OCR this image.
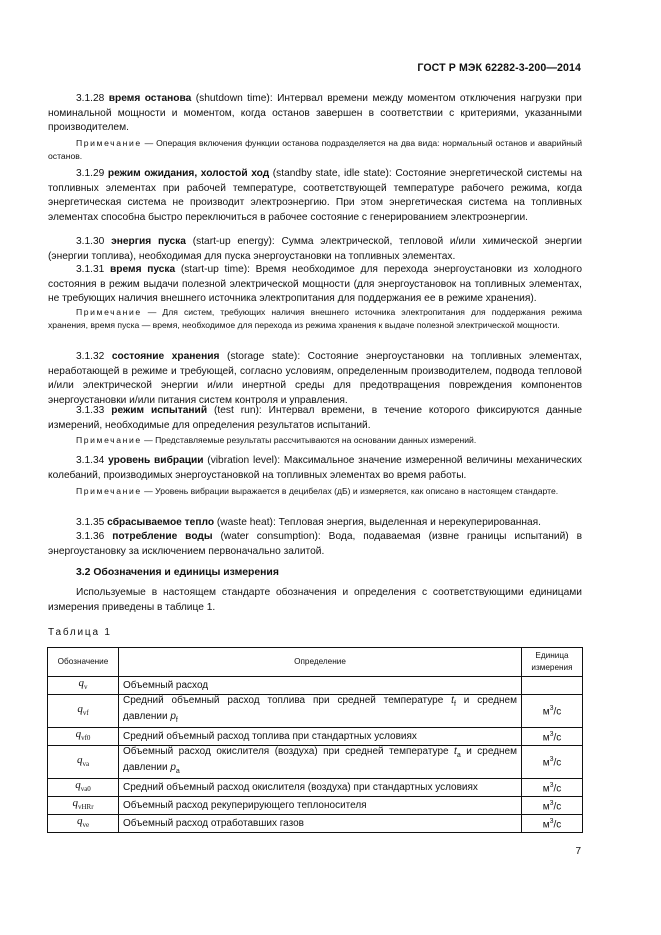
ГОСТ Р МЭК 62282-3-200—2014
3.1.28 время останова (shutdown time): Интервал времени между моментом отключения нагрузки при номинальной мощности и моментом, когда останов завершен в соответствии с критериями, указанными производителем.
Примечание — Операция включения функции останова подразделяется на два вида: нормальный останов и аварийный останов.
3.1.29 режим ожидания, холостой ход (standby state, idle state): Состояние энергетической системы на топливных элементах при рабочей температуре, соответствующей температуре рабочего режима, когда энергетическая система не производит электроэнергию. При этом энергетическая система на топливных элементах способна быстро переключиться в рабочее состояние с генерированием электроэнергии.
3.1.30 энергия пуска (start-up energy): Сумма электрической, тепловой и/или химической энергии (энергии топлива), необходимая для пуска энергоустановки на топливных элементах.
3.1.31 время пуска (start-up time): Время необходимое для перехода энергоустановки из холодного состояния в режим выдачи полезной электрической мощности (для энергоустановок на топливных элементах, не требующих наличия внешнего источника электропитания для поддержания ее в режиме хранения).
Примечание — Для систем, требующих наличия внешнего источника электропитания для поддержания режима хранения, время пуска — время, необходимое для перехода из режима хранения к выдаче полезной электрической мощности.
3.1.32 состояние хранения (storage state): Состояние энергоустановки на топливных элементах, неработающей в режиме и требующей, согласно условиям, определенным производителем, подвода тепловой и/или электрической энергии и/или инертной среды для предотвращения повреждения компонентов энергоустановки и/или питания систем контроля и управления.
3.1.33 режим испытаний (test run): Интервал времени, в течение которого фиксируются данные измерений, необходимые для определения результатов испытаний.
Примечание — Представляемые результаты рассчитываются на основании данных измерений.
3.1.34 уровень вибрации (vibration level): Максимальное значение измеренной величины механических колебаний, производимых энергоустановкой на топливных элементах во время работы.
Примечание — Уровень вибрации выражается в децибелах (дБ) и измеряется, как описано в настоящем стандарте.
3.1.35 сбрасываемое тепло (waste heat): Тепловая энергия, выделенная и нерекуперированная.
3.1.36 потребление воды (water consumption): Вода, подаваемая (извне границы испытаний) в энергоустановку за исключением первоначально залитой.
3.2 Обозначения и единицы измерения
Используемые в настоящем стандарте обозначения и определения с соответствующими единицами измерения приведены в таблице 1.
Таблица 1
Обозначение	Определение	Единица измерения
$q_v$	Объемный расход	
$q_{vf}$	Средний объемный расход топлива при средней температуре $t_f$ и среднем давлении $p_f$	$м^3/с$
$q_{vf0}$	Средний объемный расход топлива при стандартных условиях	$м^3/с$
$q_{va}$	Объемный расход окислителя (воздуха) при средней температуре $t_a$ и среднем давлении $p_a$	$м^3/с$
$q_{va0}$	Средний объемный расход окислителя (воздуха) при стандартных условиях	$м^3/с$
$q_{vHRr}$	Объемный расход рекуперирующего теплоносителя	$м^3/с$
$q_{ve}$	Объемный расход отработавших газов	$м^3/с$
7
